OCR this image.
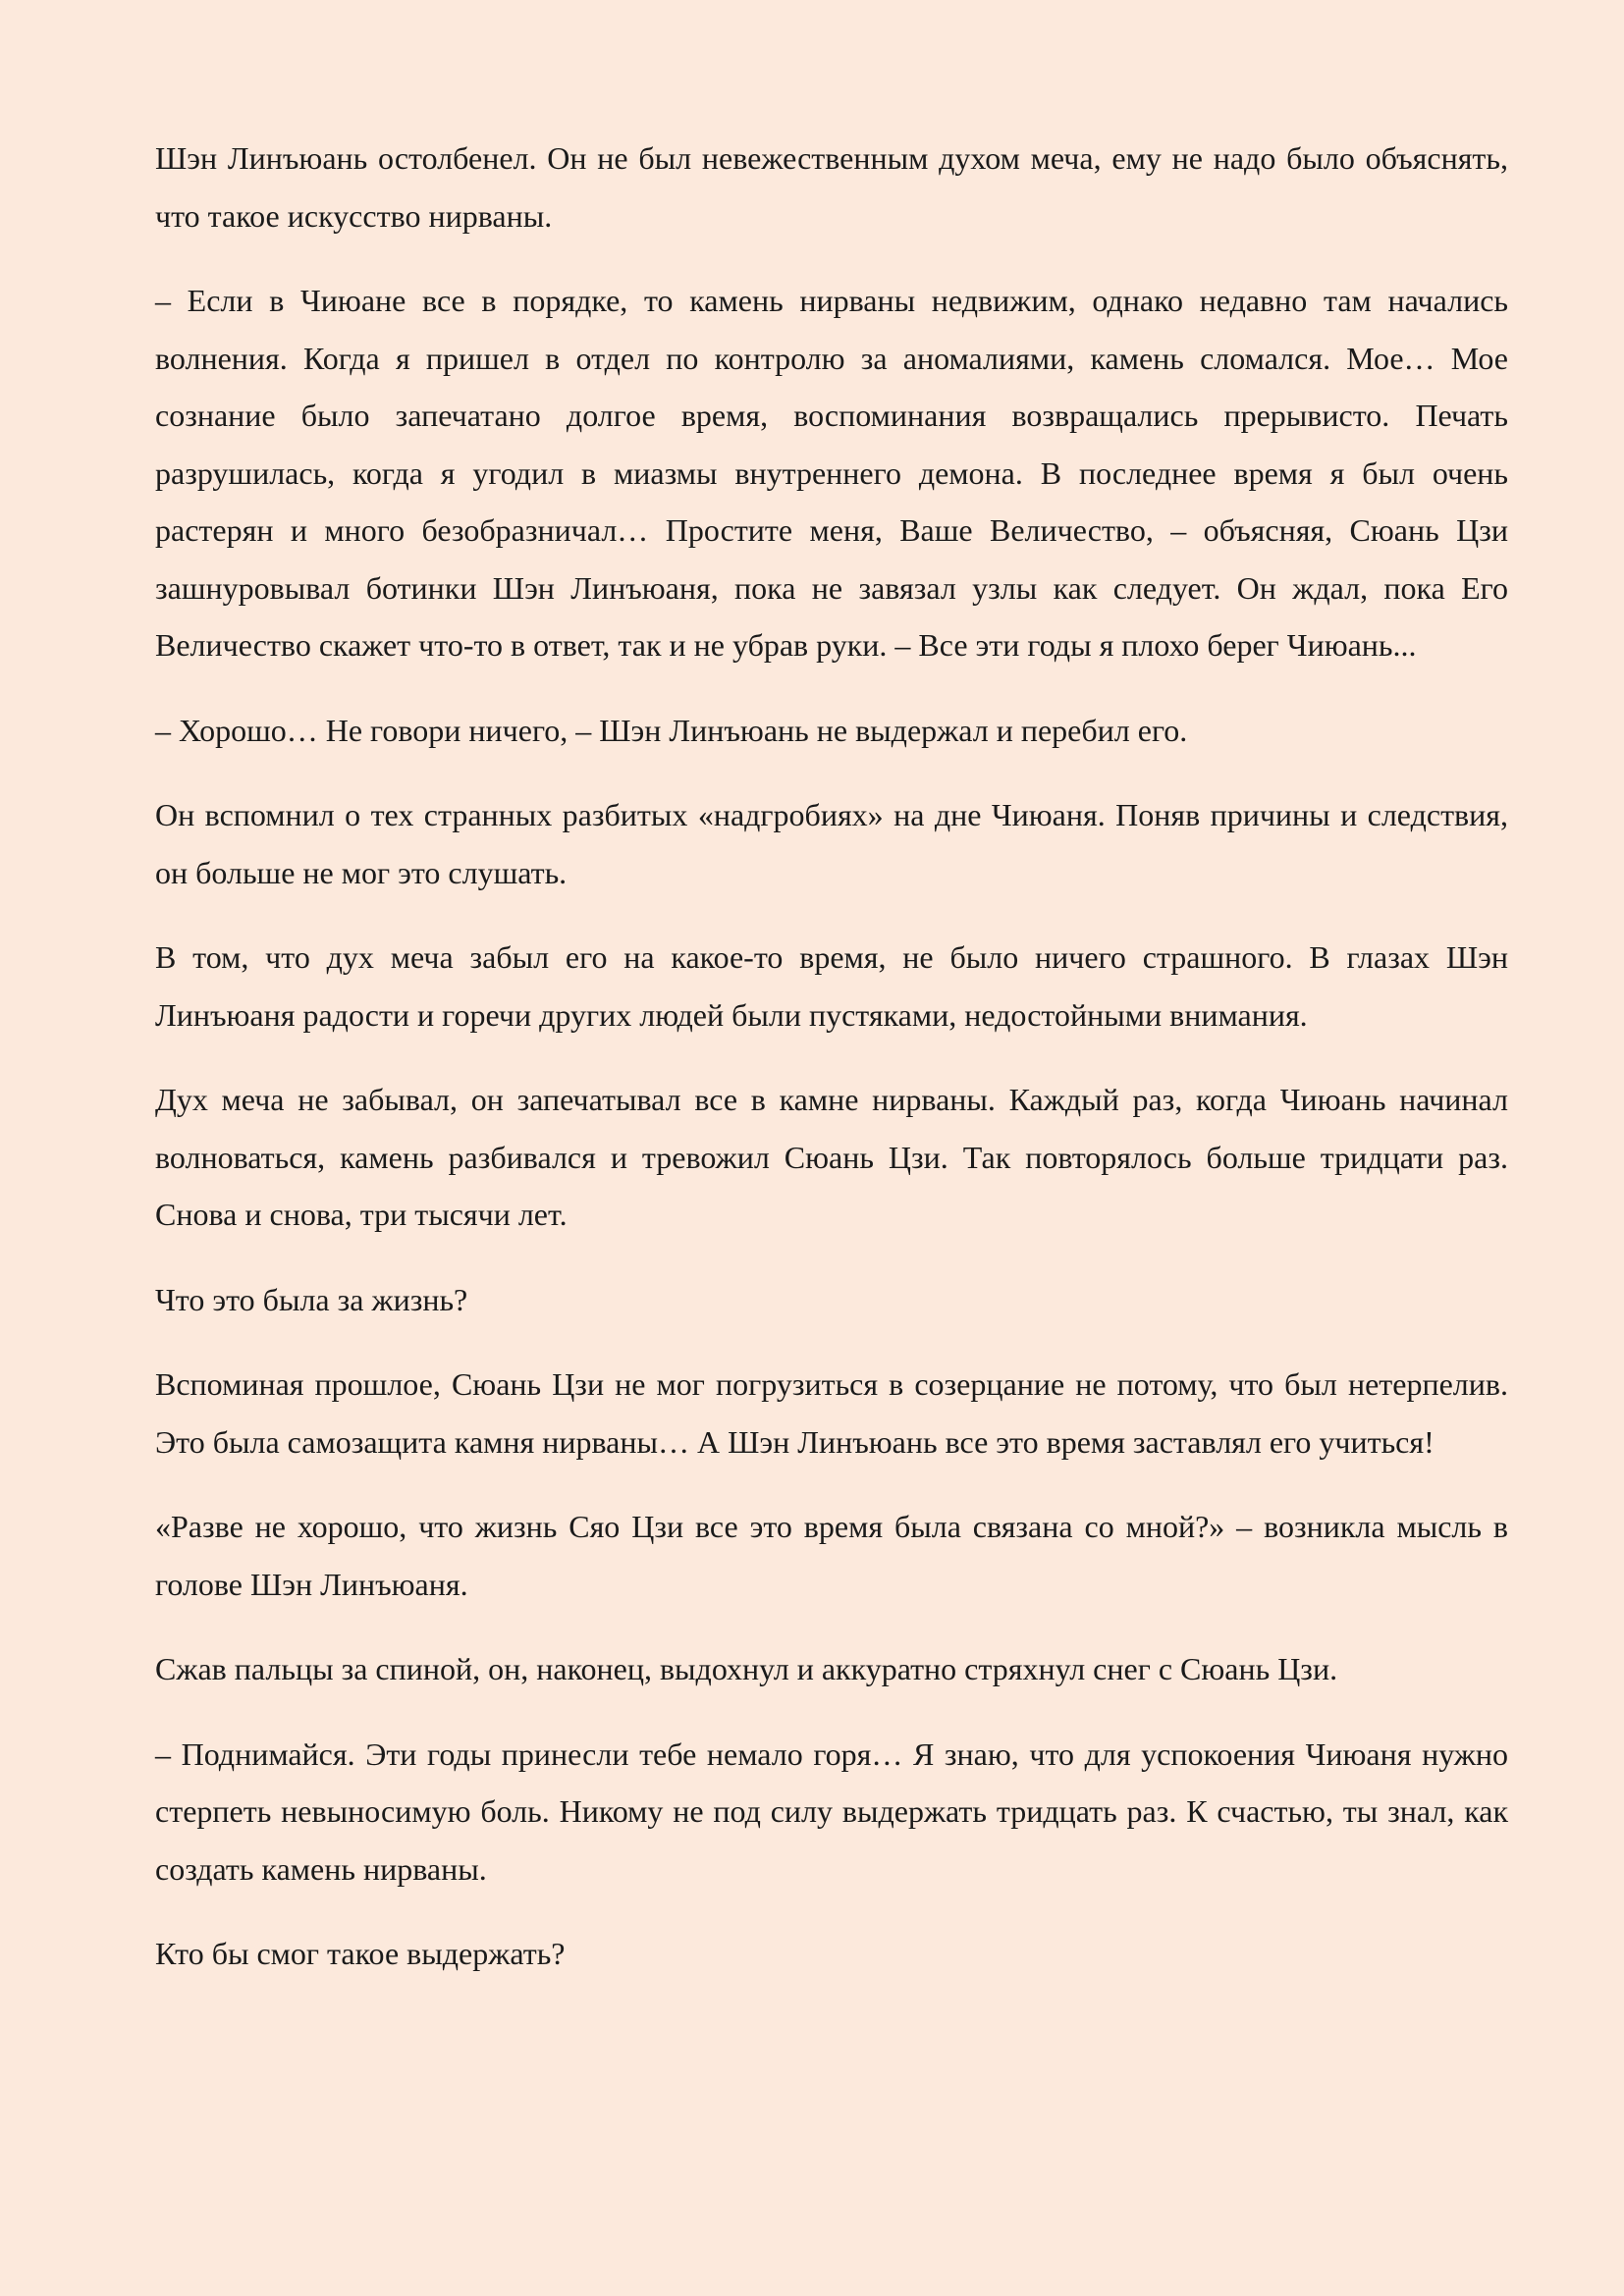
Шэн Линъюань остолбенел. Он не был невежественным духом меча, ему не надо было объяснять, что такое искусство нирваны.

– Если в Чиюане все в порядке, то камень нирваны недвижим, однако недавно там начались волнения. Когда я пришел в отдел по контролю за аномалиями, камень сломался. Мое… Мое сознание было запечатано долгое время, воспоминания возвращались прерывисто. Печать разрушилась, когда я угодил в миазмы внутреннего демона. В последнее время я был очень растерян и много безобразничал… Простите меня, Ваше Величество, – объясняя, Сюань Цзи зашнуровывал ботинки Шэн Линъюаня, пока не завязал узлы как следует. Он ждал, пока Его Величество скажет что-то в ответ, так и не убрав руки. – Все эти годы я плохо берег Чиюань...

– Хорошо… Не говори ничего, – Шэн Линъюань не выдержал и перебил его.

Он вспомнил о тех странных разбитых «надгробиях» на дне Чиюаня. Поняв причины и следствия, он больше не мог это слушать.

В том, что дух меча забыл его на какое-то время, не было ничего страшного. В глазах Шэн Линъюаня радости и горечи других людей были пустяками, недостойными внимания.

Дух меча не забывал, он запечатывал все в камне нирваны. Каждый раз, когда Чиюань начинал волноваться, камень разбивался и тревожил Сюань Цзи. Так повторялось больше тридцати раз. Снова и снова, три тысячи лет.

Что это была за жизнь?

Вспоминая прошлое, Сюань Цзи не мог погрузиться в созерцание не потому, что был нетерпелив. Это была самозащита камня нирваны… А Шэн Линъюань все это время заставлял его учиться!

«Разве не хорошо, что жизнь Сяо Цзи все это время была связана со мной?» – возникла мысль в голове Шэн Линъюаня.

Сжав пальцы за спиной, он, наконец, выдохнул и аккуратно стряхнул снег с Сюань Цзи.

– Поднимайся. Эти годы принесли тебе немало горя… Я знаю, что для успокоения Чиюаня нужно стерпеть невыносимую боль. Никому не под силу выдержать тридцать раз. К счастью, ты знал, как создать камень нирваны.

Кто бы смог такое выдержать?
